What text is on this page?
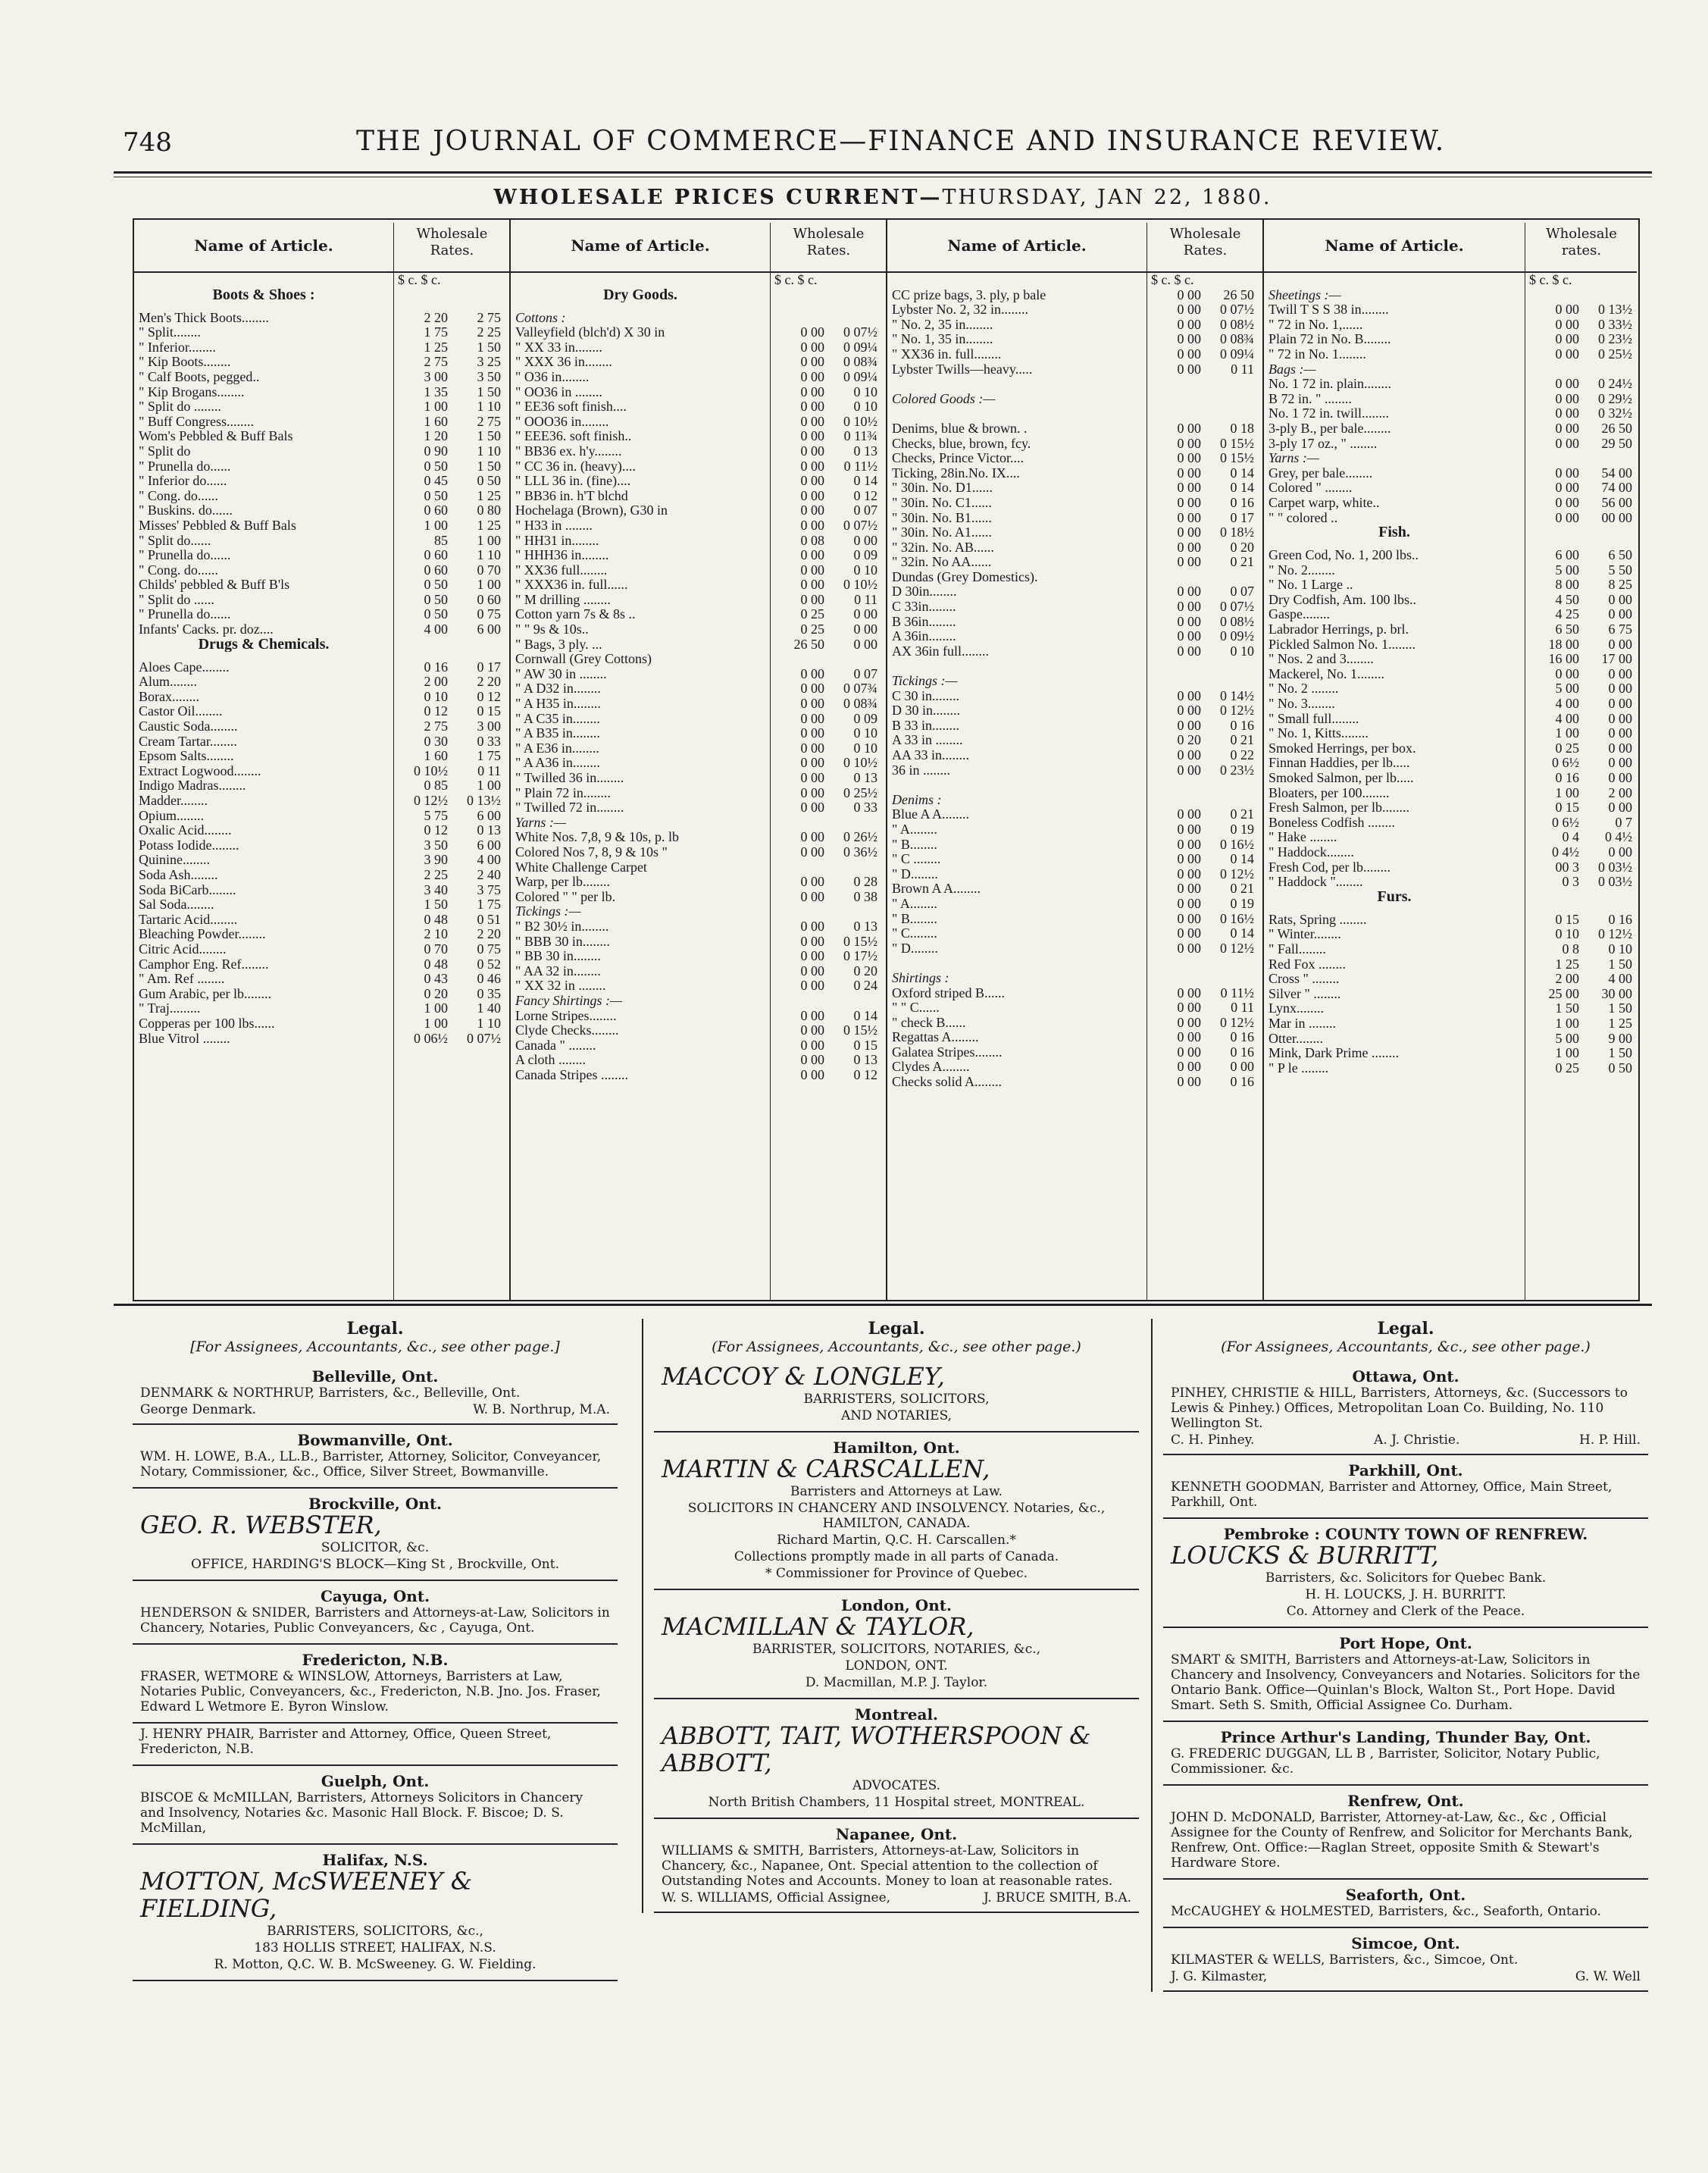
748	THE JOURNAL OF COMMERCE—FINANCE AND INSURANCE REVIEW.
WHOLESALE PRICES CURRENT—THURSDAY, JAN 22, 1880.
Name of Article.
Wholesale Rates.
$ c. $ c.
Boots & Shoes :
Men's Thick Boots........	2 20	2 75
" Split........	1 75	2 25
" Inferior........	1 25	1 50
" Kip Boots........	2 75	3 25
" Calf Boots, pegged..	3 00	3 50
" Kip Brogans........	1 35	1 50
" Split do ........	1 00	1 10
" Buff Congress........	1 60	2 75
Wom's Pebbled & Buff Bals	1 20	1 50
" Split do	0 90	1 10
" Prunella do......	0 50	1 50
" Inferior do......	0 45	0 50
" Cong. do......	0 50	1 25
" Buskins. do......	0 60	0 80
Misses' Pebbled & Buff Bals	1 00	1 25
" Split do......	85	1 00
" Prunella do......	0 60	1 10
" Cong. do......	0 60	0 70
Childs' pebbled & Buff B'ls	0 50	1 00
" Split do ......	0 50	0 60
" Prunella do......	0 50	0 75
Infants' Cacks. pr. doz....	4 00	6 00
Drugs & Chemicals.
Aloes Cape........	0 16	0 17
Alum........	2 00	2 20
Borax........	0 10	0 12
Castor Oil........	0 12	0 15
Caustic Soda........	2 75	3 00
Cream Tartar........	0 30	0 33
Epsom Salts........	1 60	1 75
Extract Logwood........	0 10½	0 11
Indigo Madras........	0 85	1 00
Madder........	0 12½	0 13½
Opium........	5 75	6 00
Oxalic Acid........	0 12	0 13
Potass Iodide........	3 50	6 00
Quinine........	3 90	4 00
Soda Ash........	2 25	2 40
Soda BiCarb........	3 40	3 75
Sal Soda........	1 50	1 75
Tartaric Acid........	0 48	0 51
Bleaching Powder........	2 10	2 20
Citric Acid........	0 70	0 75
Camphor Eng. Ref........	0 48	0 52
" Am. Ref ........	0 43	0 46
Gum Arabic, per lb........	0 20	0 35
" Traj.........	1 00	1 40
Copperas per 100 lbs......	1 00	1 10
Blue Vitrol ........	0 06½	0 07½
Name of Article.
Wholesale Rates.
$ c. $ c.
Dry Goods.
Cottons :
Valleyfield (blch'd) X 30 in	0 00	0 07½
" XX 33 in........	0 00	0 09¼
" XXX 36 in........	0 00	0 08¾
" O36 in........	0 00	0 09¼
" OO36 in ........	0 00	0 10
" EE36 soft finish....	0 00	0 10
" OOO36 in........	0 00	0 10½
" EEE36. soft finish..	0 00	0 11¾
" BB36 ex. h'y........	0 00	0 13
" CC 36 in. (heavy)....	0 00	0 11½
" LLL 36 in. (fine)....	0 00	0 14
" BB36 in. h'T blchd	0 00	0 12
Hochelaga (Brown), G30 in	0 00	0 07
" H33 in ........	0 00	0 07½
" HH31 in........	0 08	0 00
" HHH36 in........	0 00	0 09
" XX36 full........	0 00	0 10
" XXX36 in. full......	0 00	0 10½
" M drilling ........	0 00	0 11
Cotton yarn 7s & 8s ..	0 25	0 00
" " 9s & 10s..	0 25	0 00
" Bags, 3 ply. ...	26 50	0 00
Cornwall (Grey Cottons)
" AW 30 in ........	0 00	0 07
" A D32 in........	0 00	0 07¾
" A H35 in........	0 00	0 08¾
" A C35 in........	0 00	0 09
" A B35 in........	0 00	0 10
" A E36 in........	0 00	0 10
" A A36 in........	0 00	0 10½
" Twilled 36 in........	0 00	0 13
" Plain 72 in........	0 00	0 25½
" Twilled 72 in........	0 00	0 33
Yarns :—
White Nos. 7,8, 9 & 10s, p. lb	0 00	0 26½
Colored Nos 7, 8, 9 & 10s "	0 00	0 36½
White Challenge Carpet
Warp, per lb........	0 00	0 28
Colored " " per lb.	0 00	0 38
Tickings :—
" B2 30½ in........	0 00	0 13
" BBB 30 in........	0 00	0 15½
" BB 30 in........	0 00	0 17½
" AA 32 in........	0 00	0 20
" XX 32 in ........	0 00	0 24
Fancy Shirtings :—
Lorne Stripes........	0 00	0 14
Clyde Checks........	0 00	0 15½
Canada " ........	0 00	0 15
A cloth ........	0 00	0 13
Canada Stripes ........	0 00	0 12
Name of Article.
Wholesale Rates.
$ c. $ c.
CC prize bags, 3. ply, p bale	0 00	26 50
Lybster No. 2, 32 in........	0 00	0 07½
" No. 2, 35 in........	0 00	0 08½
" No. 1, 35 in........	0 00	0 08¾
" XX36 in. full........	0 00	0 09¼
Lybster Twills—heavy.....	0 00	0 11
Colored Goods :—
Denims, blue & brown. .	0 00	0 18
Checks, blue, brown, fcy.	0 00	0 15½
Checks, Prince Victor....	0 00	0 15½
Ticking, 28in.No. IX....	0 00	0 14
" 30in. No. D1......	0 00	0 14
" 30in. No. C1......	0 00	0 16
" 30in. No. B1......	0 00	0 17
" 30in. No. A1......	0 00	0 18½
" 32in. No. AB......	0 00	0 20
" 32in. No AA......	0 00	0 21
Dundas (Grey Domestics).
D 30in........	0 00	0 07
C 33in........	0 00	0 07½
B 36in........	0 00	0 08½
A 36in........	0 00	0 09½
AX 36in full........	0 00	0 10
Tickings :—
C 30 in........	0 00	0 14½
D 30 in........	0 00	0 12½
B 33 in........	0 00	0 16
A 33 in ........	0 20	0 21
AA 33 in........	0 00	0 22
36 in ........	0 00	0 23½
Denims :
Blue A A........	0 00	0 21
" A........	0 00	0 19
" B........	0 00	0 16½
" C ........	0 00	0 14
" D........	0 00	0 12½
Brown A A........	0 00	0 21
" A........	0 00	0 19
" B........	0 00	0 16½
" C........	0 00	0 14
" D........	0 00	0 12½
Shirtings :
Oxford striped B......	0 00	0 11½
" " C......	0 00	0 11
" check B......	0 00	0 12½
Regattas A........	0 00	0 16
Galatea Stripes........	0 00	0 16
Clydes A........	0 00	0 00
Checks solid A........	0 00	0 16
Name of Article.
Wholesale rates.
$ c. $ c.
Sheetings :—
Twill T S S 38 in........	0 00	0 13½
" 72 in No. 1,......	0 00	0 33½
Plain 72 in No. B........	0 00	0 23½
" 72 in No. 1........	0 00	0 25½
Bags :—
No. 1 72 in. plain........	0 00	0 24½
B 72 in. " ........	0 00	0 29½
No. 1 72 in. twill........	0 00	0 32½
3-ply B., per bale........	0 00	26 50
3-ply 17 oz., " ........	0 00	29 50
Yarns :—
Grey, per bale........	0 00	54 00
Colored " ........	0 00	74 00
Carpet warp, white..	0 00	56 00
" " colored ..	0 00	00 00
Fish.
Green Cod, No. 1, 200 lbs..	6 00	6 50
" No. 2........	5 00	5 50
" No. 1 Large ..	8 00	8 25
Dry Codfish, Am. 100 lbs..	4 50	0 00
Gaspe........	4 25	0 00
Labrador Herrings, p. brl.	6 50	6 75
Pickled Salmon No. 1........	18 00	0 00
" Nos. 2 and 3........	16 00	17 00
Mackerel, No. 1........	0 00	0 00
" No. 2 ........	5 00	0 00
" No. 3........	4 00	0 00
" Small full........	4 00	0 00
" No. 1, Kitts........	1 00	0 00
Smoked Herrings, per box.	0 25	0 00
Finnan Haddies, per lb.....	0 6½	0 00
Smoked Salmon, per lb.....	0 16	0 00
Bloaters, per 100........	1 00	2 00
Fresh Salmon, per lb........	0 15	0 00
Boneless Codfish ........	0 6½	0 7
" Hake ........	0 4	0 4½
" Haddock........	0 4½	0 00
Fresh Cod, per lb........	00 3	0 03½
" Haddock "........	0 3	0 03½
Furs.
Rats, Spring ........	0 15	0 16
" Winter........	0 10	0 12½
" Fall........	0 8	0 10
Red Fox ........	1 25	1 50
Cross " ........	2 00	4 00
Silver " ........	25 00	30 00
Lynx........	1 50	1 50
Mar in ........	1 00	1 25
Otter........	5 00	9 00
Mink, Dark Prime ........	1 00	1 50
" P le ........	0 25	0 50
Legal.
[For Assignees, Accountants, &c., see other page.]
Belleville, Ont.

DENMARK & NORTHRUP, Barristers, &c., Belleville, Ont.

George Denmark.	W. B. Northrup, M.A.
Bowmanville, Ont.

WM. H. LOWE, B.A., LL.B., Barrister, Attorney, Solicitor, Conveyancer, Notary, Commissioner, &c., Office, Silver Street, Bowmanville.

Brockville, Ont.
GEO. R. WEBSTER,

SOLICITOR, &c.

OFFICE, HARDING'S BLOCK—King St , Brockville, Ont.

Cayuga, Ont.

HENDERSON & SNIDER, Barristers and Attorneys-at-Law, Solicitors in Chancery, Notaries, Public Conveyancers, &c , Cayuga, Ont.

Fredericton, N.B.

FRASER, WETMORE & WINSLOW, Attorneys, Barristers at Law, Notaries Public, Conveyancers, &c., Fredericton, N.B. Jno. Jos. Fraser, Edward L Wetmore E. Byron Winslow.

J. HENRY PHAIR, Barrister and Attorney, Office, Queen Street, Fredericton, N.B.

Guelph, Ont.

BISCOE & McMILLAN, Barristers, Attorneys Solicitors in Chancery and Insolvency, Notaries &c. Masonic Hall Block. F. Biscoe; D. S. McMillan,

Halifax, N.S.
MOTTON, McSWEENEY & FIELDING,

BARRISTERS, SOLICITORS, &c.,

183 HOLLIS STREET, HALIFAX, N.S.

R. Motton, Q.C. W. B. McSweeney. G. W. Fielding.

Legal.
(For Assignees, Accountants, &c., see other page.)
MACCOY & LONGLEY,

BARRISTERS, SOLICITORS,

AND NOTARIES,

Hamilton, Ont.
MARTIN & CARSCALLEN,

Barristers and Attorneys at Law.

SOLICITORS IN CHANCERY AND INSOLVENCY. Notaries, &c., HAMILTON, CANADA.

Richard Martin, Q.C. H. Carscallen.*

Collections promptly made in all parts of Canada.

* Commissioner for Province of Quebec.

London, Ont.
MACMILLAN & TAYLOR,

BARRISTER, SOLICITORS, NOTARIES, &c.,

LONDON, ONT.

D. Macmillan, M.P. J. Taylor.

Montreal.
ABBOTT, TAIT, WOTHERSPOON & ABBOTT,

ADVOCATES.

North British Chambers, 11 Hospital street, MONTREAL.

Napanee, Ont.

WILLIAMS & SMITH, Barristers, Attorneys-at-Law, Solicitors in Chancery, &c., Napanee, Ont. Special attention to the collection of Outstanding Notes and Accounts. Money to loan at reasonable rates.

W. S. WILLIAMS, Official Assignee,	J. BRUCE SMITH, B.A.
Legal.
(For Assignees, Accountants, &c., see other page.)
Ottawa, Ont.

PINHEY, CHRISTIE & HILL, Barristers, Attorneys, &c. (Successors to Lewis & Pinhey.) Offices, Metropolitan Loan Co. Building, No. 110 Wellington St.

C. H. Pinhey.	A. J. Christie.	H. P. Hill.
Parkhill, Ont.

KENNETH GOODMAN, Barrister and Attorney, Office, Main Street, Parkhill, Ont.

Pembroke : COUNTY TOWN OF RENFREW.
LOUCKS & BURRITT,

Barristers, &c. Solicitors for Quebec Bank.

H. H. LOUCKS, J. H. BURRITT.

Co. Attorney and Clerk of the Peace.

Port Hope, Ont.

SMART & SMITH, Barristers and Attorneys-at-Law, Solicitors in Chancery and Insolvency, Conveyancers and Notaries. Solicitors for the Ontario Bank. Office—Quinlan's Block, Walton St., Port Hope. David Smart. Seth S. Smith, Official Assignee Co. Durham.

Prince Arthur's Landing, Thunder Bay, Ont.

G. FREDERIC DUGGAN, LL B , Barrister, Solicitor, Notary Public, Commissioner. &c.

Renfrew, Ont.

JOHN D. McDONALD, Barrister, Attorney-at-Law, &c., &c , Official Assignee for the County of Renfrew, and Solicitor for Merchants Bank, Renfrew, Ont. Office:—Raglan Street, opposite Smith & Stewart's Hardware Store.

Seaforth, Ont.

McCAUGHEY & HOLMESTED, Barristers, &c., Seaforth, Ontario.

Simcoe, Ont.

KILMASTER & WELLS, Barristers, &c., Simcoe, Ont.

J. G. Kilmaster,	G. W. Well
